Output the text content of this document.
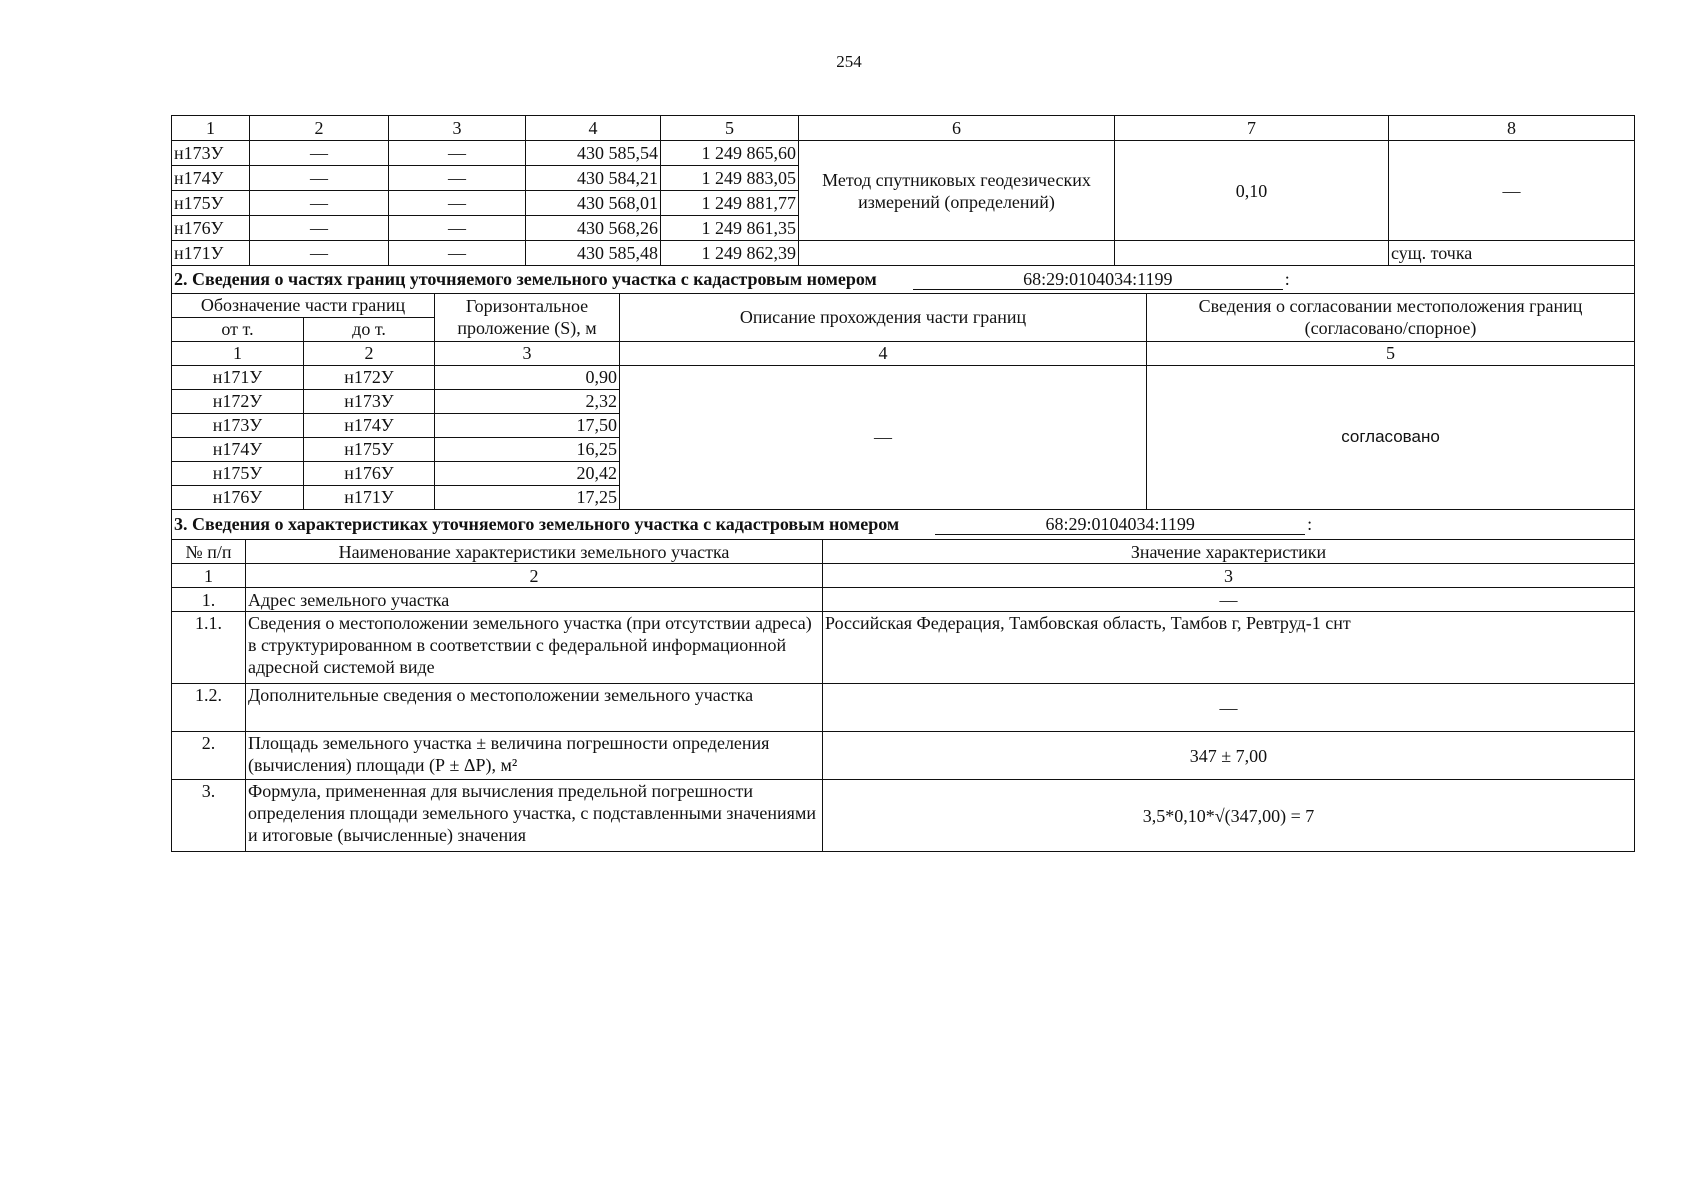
254
1	2	3	4	5	6	7	8
н173У	—	—	430 585,54	1 249 865,60	Метод спутниковых геодезических измерений (определений)	0,10	—
н174У	—	—	430 584,21	1 249 883,05			
н175У	—	—	430 568,01	1 249 881,77			
н176У	—	—	430 568,26	1 249 861,35			
н171У	—	—	430 585,48	1 249 862,39			сущ. точка
2. Сведения о частях границ уточняемого земельного участка с кадастровым номером 68:29:0104034:1199 :				
Обозначение части границ		Горизонтальное проложение (S), м	Описание прохождения части границ	Сведения о согласовании местоположения границ (согласовано/спорное)
от т.	до т.			
1	2	3	4	5
н171У	н172У	0,90	—	согласовано
н172У	н173У	2,32		
н173У	н174У	17,50		
н174У	н175У	16,25		
н175У	н176У	20,42		
н176У	н171У	17,25		
3. Сведения о характеристиках уточняемого земельного участка с кадастровым номером 68:29:0104034:1199 :		
№ п/п	Наименование характеристики земельного участка	Значение характеристики
1	2	3
1.	Адрес земельного участка	—
1.1.	Сведения о местоположении земельного участка (при отсутствии адреса) в структурированном в соответствии с федеральной информационной адресной системой виде	Российская Федерация, Тамбовская область, Тамбов г, Ревтруд-1 снт
1.2.	Дополнительные сведения о местоположении земельного участка	—
2.	Площадь земельного участка ± величина погрешности определения (вычисления) площади (Р ± ΔР), м²	347 ± 7,00
3.	Формула, примененная для вычисления предельной погрешности определения площади земельного участка, с подставленными значениями и итоговые (вычисленные) значения	3,5*0,10*√(347,00) = 7
